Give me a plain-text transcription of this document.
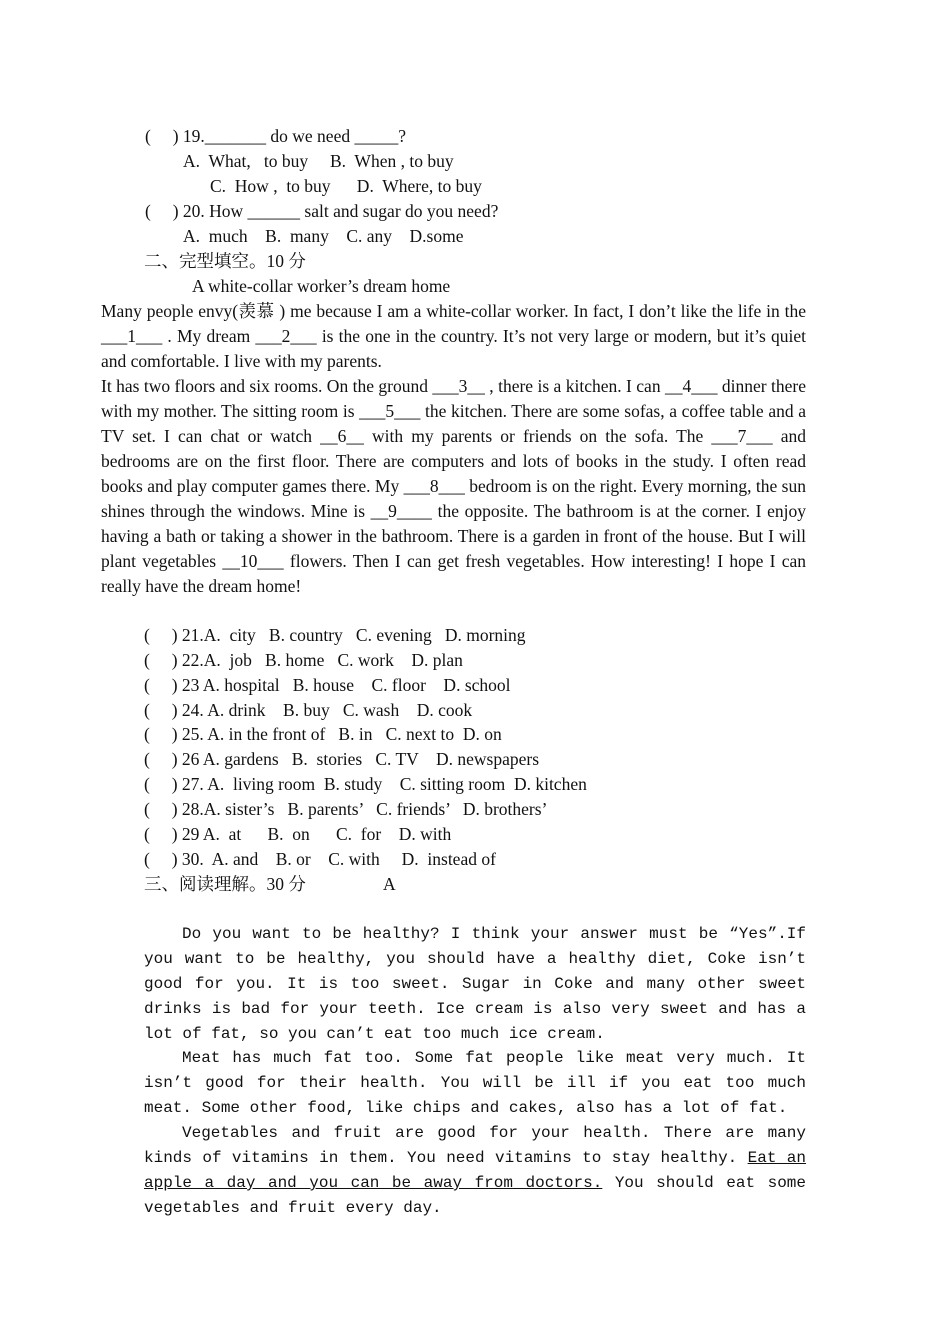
(     ) 19._______ do we need _____?
A.  What,   to buy     B.  When , to buy
C.  How ,  to buy      D.  Where, to buy
(     ) 20. How ______ salt and sugar do you need?
A.  much    B.  many    C. any    D.some
二、完型填空。10 分
A white-collar worker’s dream home

Many people envy(羡慕 ) me because I am a white-collar worker. In fact, I don’t like the life in the ___1___ . My dream ___2___ is the one in the country. It’s not very large or modern, but it’s quiet and comfortable. I live with my parents.

It has two floors and six rooms. On the ground ___3__ , there is a kitchen. I can __4___ dinner there with my mother. The sitting room is ___5___ the kitchen. There are some sofas, a coffee table and a TV set. I can chat or watch __6__ with my parents or friends on the sofa. The ___7___ and bedrooms are on the first floor. There are computers and lots of books in the study. I often read books and play computer games there. My ___8___ bedroom is on the right. Every morning, the sun shines through the windows. Mine is __9____ the opposite. The bathroom is at the corner. I enjoy having a bath or taking a shower in the bathroom. There is a garden in front of the house. But I will plant vegetables __10___ flowers. Then I can get fresh vegetables. How interesting! I hope I can really have the dream home!

(     ) 21.A.  city   B. country   C. evening   D. morning
(     ) 22.A.  job   B. home   C. work    D. plan
(     ) 23 A. hospital   B. house    C. floor    D. school
(     ) 24. A. drink    B. buy   C. wash    D. cook
(     ) 25. A. in the front of   B. in   C. next to  D. on
(     ) 26 A. gardens   B.  stories   C. TV    D. newspapers
(     ) 27. A.  living room  B. study    C. sitting room  D. kitchen
(     ) 28.A. sister’s   B. parents’   C. friends’   D. brothers’
(     ) 29 A.  at      B.  on      C.  for    D. with
(     ) 30.  A. and    B. or    C. with     D.  instead of
三、阅读理解。30 分	A

Do you want to be healthy? I think your answer must be “Yes”.If you want to be healthy, you should have a healthy diet, Coke isn’t good for you. It is too sweet. Sugar in Coke and many other sweet drinks is bad for your teeth. Ice cream is also very sweet and has a lot of fat, so you can’t eat too much ice cream.

Meat has much fat too. Some fat people like meat very much. It isn’t good for their health. You will be ill if you eat too much meat. Some other food, like chips and cakes, also has a lot of fat.

Vegetables and fruit are good for your health. There are many kinds of vitamins in them. You need vitamins to stay healthy. Eat an apple a day and you can be away from doctors. You should eat some vegetables and fruit every day.
